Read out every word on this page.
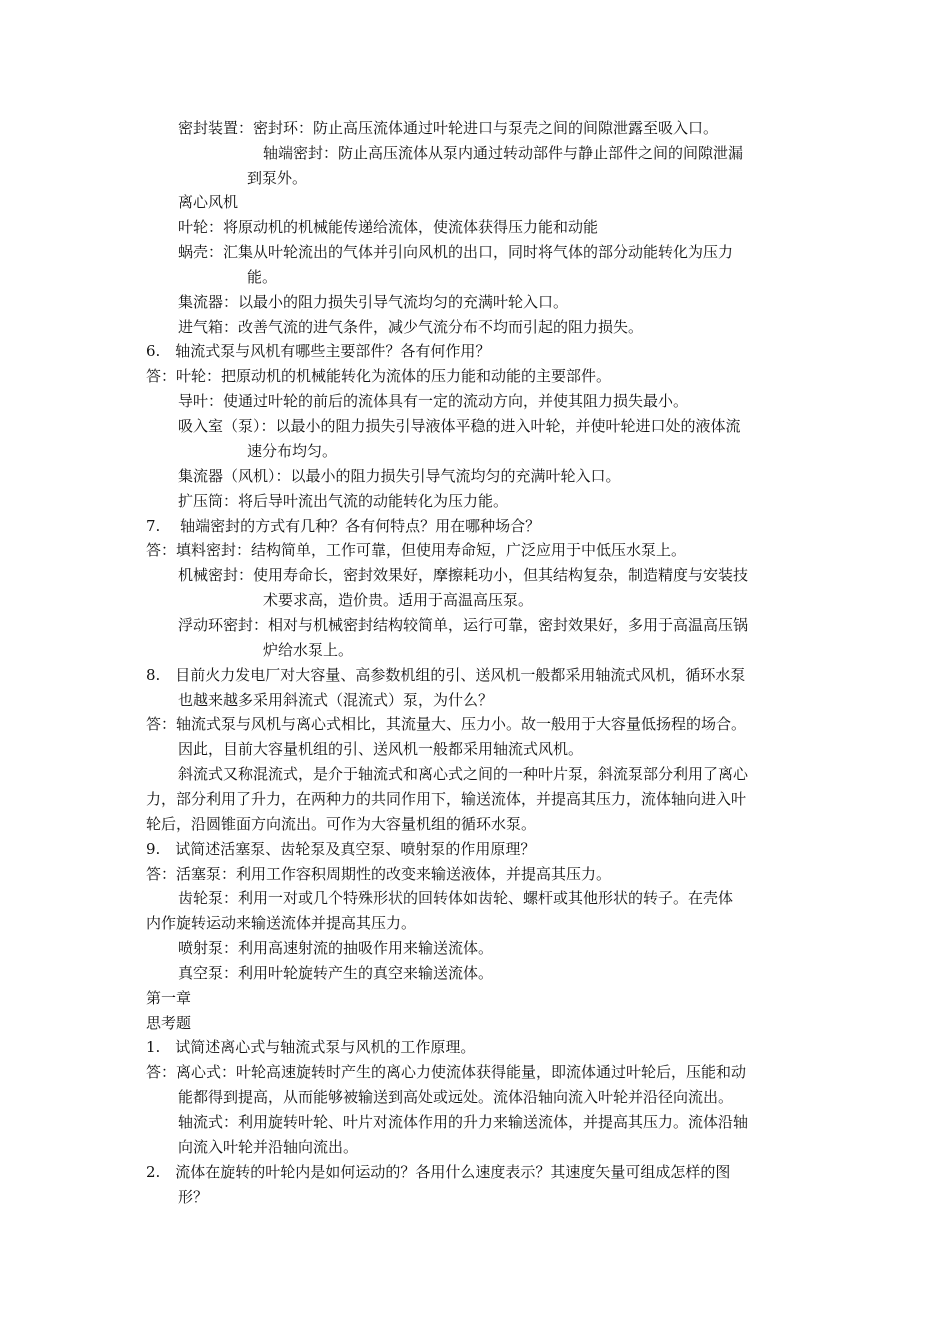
密封装置：密封环：防止高压流体通过叶轮进口与泵壳之间的间隙泄露至吸入口。
轴端密封：防止高压流体从泵内通过转动部件与静止部件之间的间隙泄漏
到泵外。
离心风机
叶轮：将原动机的机械能传递给流体，使流体获得压力能和动能
蜗壳：汇集从叶轮流出的气体并引向风机的出口，同时将气体的部分动能转化为压力
能。
集流器：以最小的阻力损失引导气流均匀的充满叶轮入口。
进气箱：改善气流的进气条件，减少气流分布不均而引起的阻力损失。
6.　轴流式泵与风机有哪些主要部件？各有何作用？
答：叶轮：把原动机的机械能转化为流体的压力能和动能的主要部件。
导叶：使通过叶轮的前后的流体具有一定的流动方向，并使其阻力损失最小。
吸入室（泵）：以最小的阻力损失引导液体平稳的进入叶轮，并使叶轮进口处的液体流
速分布均匀。
集流器（风机）：以最小的阻力损失引导气流均匀的充满叶轮入口。
扩压筒：将后导叶流出气流的动能转化为压力能。
7.　 轴端密封的方式有几种？各有何特点？用在哪种场合？
答：填料密封：结构简单，工作可靠，但使用寿命短，广泛应用于中低压水泵上。
机械密封：使用寿命长，密封效果好，摩擦耗功小，但其结构复杂，制造精度与安装技
术要求高，造价贵。适用于高温高压泵。
浮动环密封：相对与机械密封结构较简单，运行可靠，密封效果好，多用于高温高压锅
炉给水泵上。
8.　目前火力发电厂对大容量、高参数机组的引、送风机一般都采用轴流式风机，循环水泵
也越来越多采用斜流式（混流式）泵，为什么？
答：轴流式泵与风机与离心式相比，其流量大、压力小。故一般用于大容量低扬程的场合。
因此，目前大容量机组的引、送风机一般都采用轴流式风机。
斜流式又称混流式，是介于轴流式和离心式之间的一种叶片泵，斜流泵部分利用了离心
力，部分利用了升力，在两种力的共同作用下，输送流体，并提高其压力，流体轴向进入叶
轮后，沿圆锥面方向流出。可作为大容量机组的循环水泵。
9.　试简述活塞泵、齿轮泵及真空泵、喷射泵的作用原理？
答：活塞泵：利用工作容积周期性的改变来输送液体，并提高其压力。
齿轮泵：利用一对或几个特殊形状的回转体如齿轮、螺杆或其他形状的转子。在壳体
内作旋转运动来输送流体并提高其压力。
喷射泵：利用高速射流的抽吸作用来输送流体。
真空泵：利用叶轮旋转产生的真空来输送流体。
第一章
思考题
1.　试简述离心式与轴流式泵与风机的工作原理。
答：离心式：叶轮高速旋转时产生的离心力使流体获得能量，即流体通过叶轮后，压能和动
能都得到提高，从而能够被输送到高处或远处。流体沿轴向流入叶轮并沿径向流出。
轴流式：利用旋转叶轮、叶片对流体作用的升力来输送流体，并提高其压力。流体沿轴
向流入叶轮并沿轴向流出。
2.　流体在旋转的叶轮内是如何运动的？各用什么速度表示？其速度矢量可组成怎样的图
形？
